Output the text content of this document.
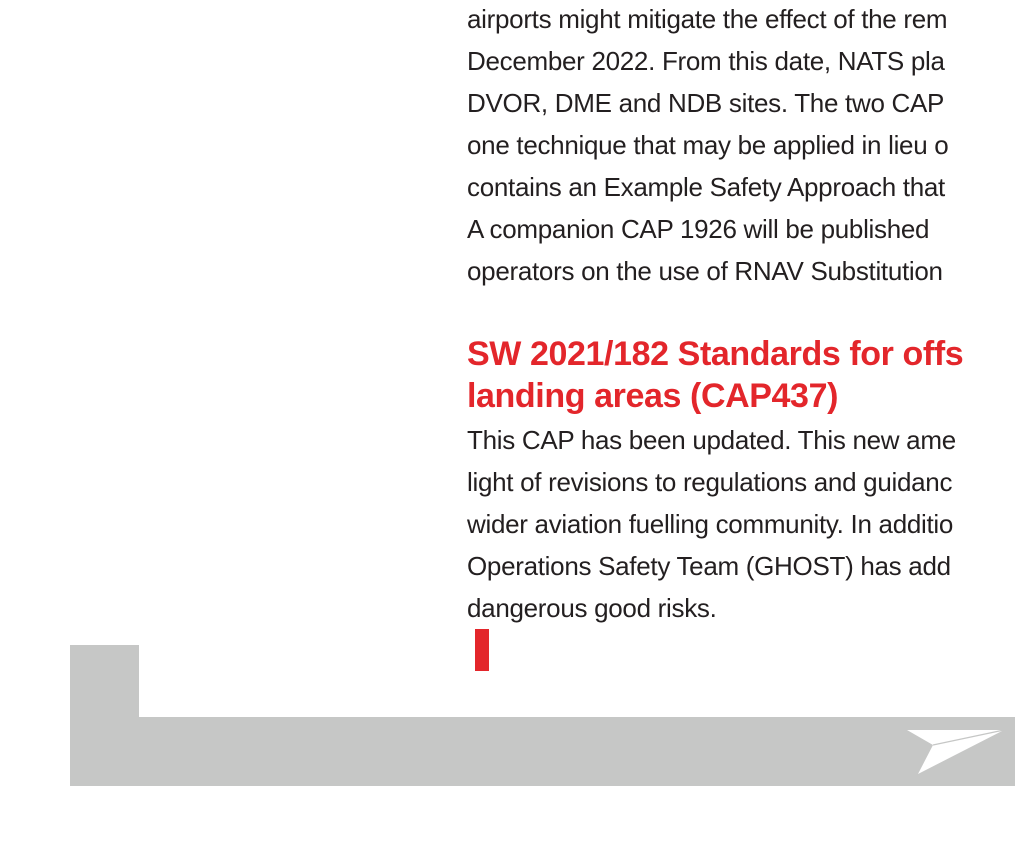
airports might mitigate the effect of the rem
December 2022. From this date, NATS pla
DVOR, DME and NDB sites. The two CAP
one technique that may be applied in lieu o
contains an Example Safety Approach that
A companion CAP 1926 will be published
operators on the use of RNAV Substitution

SW 2021/182 Standards for offs
landing areas (CAP437)

This CAP has been updated. This new ame
light of revisions to regulations and guidanc
wider aviation fuelling community. In additio
Operations Safety Team (GHOST) has add
dangerous good risks.
